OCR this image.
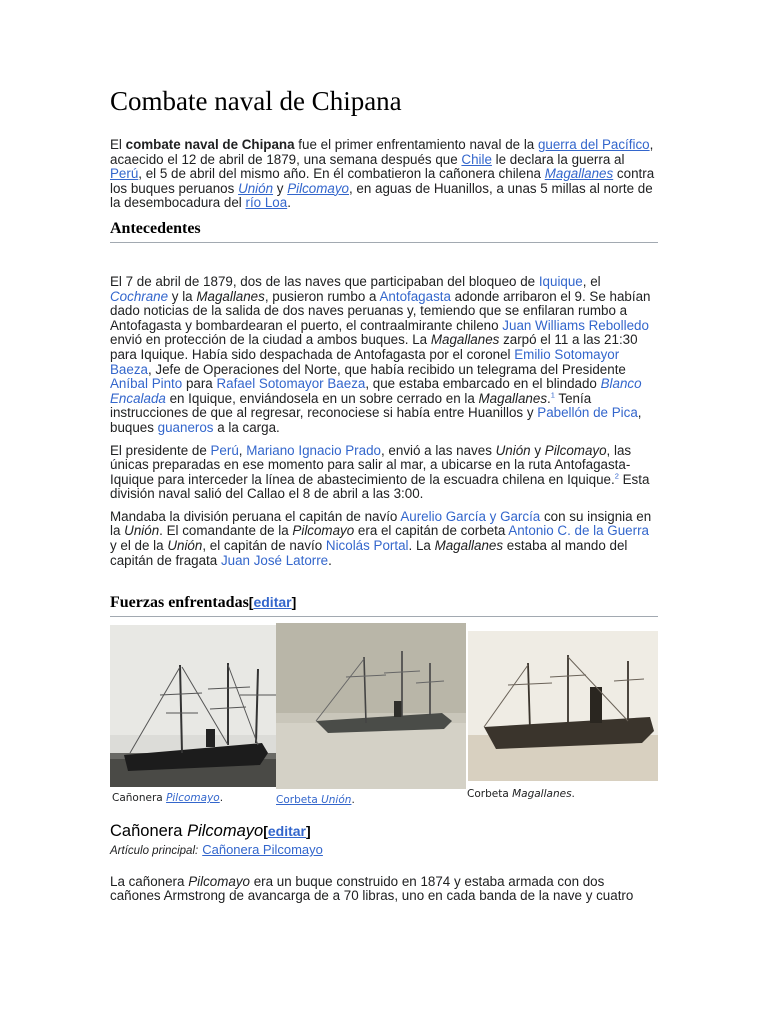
Combate naval de Chipana

El combate naval de Chipana fue el primer enfrentamiento naval de la guerra del Pacífico, acaecido el 12 de abril de 1879, una semana después que Chile le declara la guerra al Perú, el 5 de abril del mismo año. En él combatieron la cañonera chilena Magallanes contra los buques peruanos Unión y Pilcomayo, en aguas de Huanillos, a unas 5 millas al norte de la desembocadura del río Loa.

Antecedentes

El 7 de abril de 1879, dos de las naves que participaban del bloqueo de Iquique, el Cochrane y la Magallanes, pusieron rumbo a Antofagasta adonde arribaron el 9. Se habían dado noticias de la salida de dos naves peruanas y, temiendo que se enfilaran rumbo a Antofagasta y bombardearan el puerto, el contraalmirante chileno Juan Williams Rebolledo envió en protección de la ciudad a ambos buques. La Magallanes zarpó el 11 a las 21:30 para Iquique. Había sido despachada de Antofagasta por el coronel Emilio Sotomayor Baeza, Jefe de Operaciones del Norte, que había recibido un telegrama del Presidente Aníbal Pinto para Rafael Sotomayor Baeza, que estaba embarcado en el blindado Blanco Encalada en Iquique, enviándosela en un sobre cerrado en la Magallanes.$^1$ Tenía instrucciones de que al regresar, reconociese si había entre Huanillos y Pabellón de Pica, buques guaneros a la carga.

El presidente de Perú, Mariano Ignacio Prado, envió a las naves Unión y Pilcomayo, las únicas preparadas en ese momento para salir al mar, a ubicarse en la ruta Antofagasta-Iquique para interceder la línea de abastecimiento de la escuadra chilena en Iquique.$^2$ Esta división naval salió del Callao el 8 de abril a las 3:00.

Mandaba la división peruana el capitán de navío Aurelio García y García con su insignia en la Unión. El comandante de la Pilcomayo era el capitán de corbeta Antonio C. de la Guerra y el de la Unión, el capitán de navío Nicolás Portal. La Magallanes estaba al mando del capitán de fragata Juan José Latorre.

Fuerzas enfrentadas[editar]
Cañonera Pilcomayo.	Corbeta Unión.	Corbeta Magallanes.
Cañonera Pilcomayo[editar]
Artículo principal: Cañonera Pilcomayo

La cañonera Pilcomayo era un buque construido en 1874 y estaba armada con dos cañones Armstrong de avancarga de a 70 libras, uno en cada banda de la nave y cuatro
